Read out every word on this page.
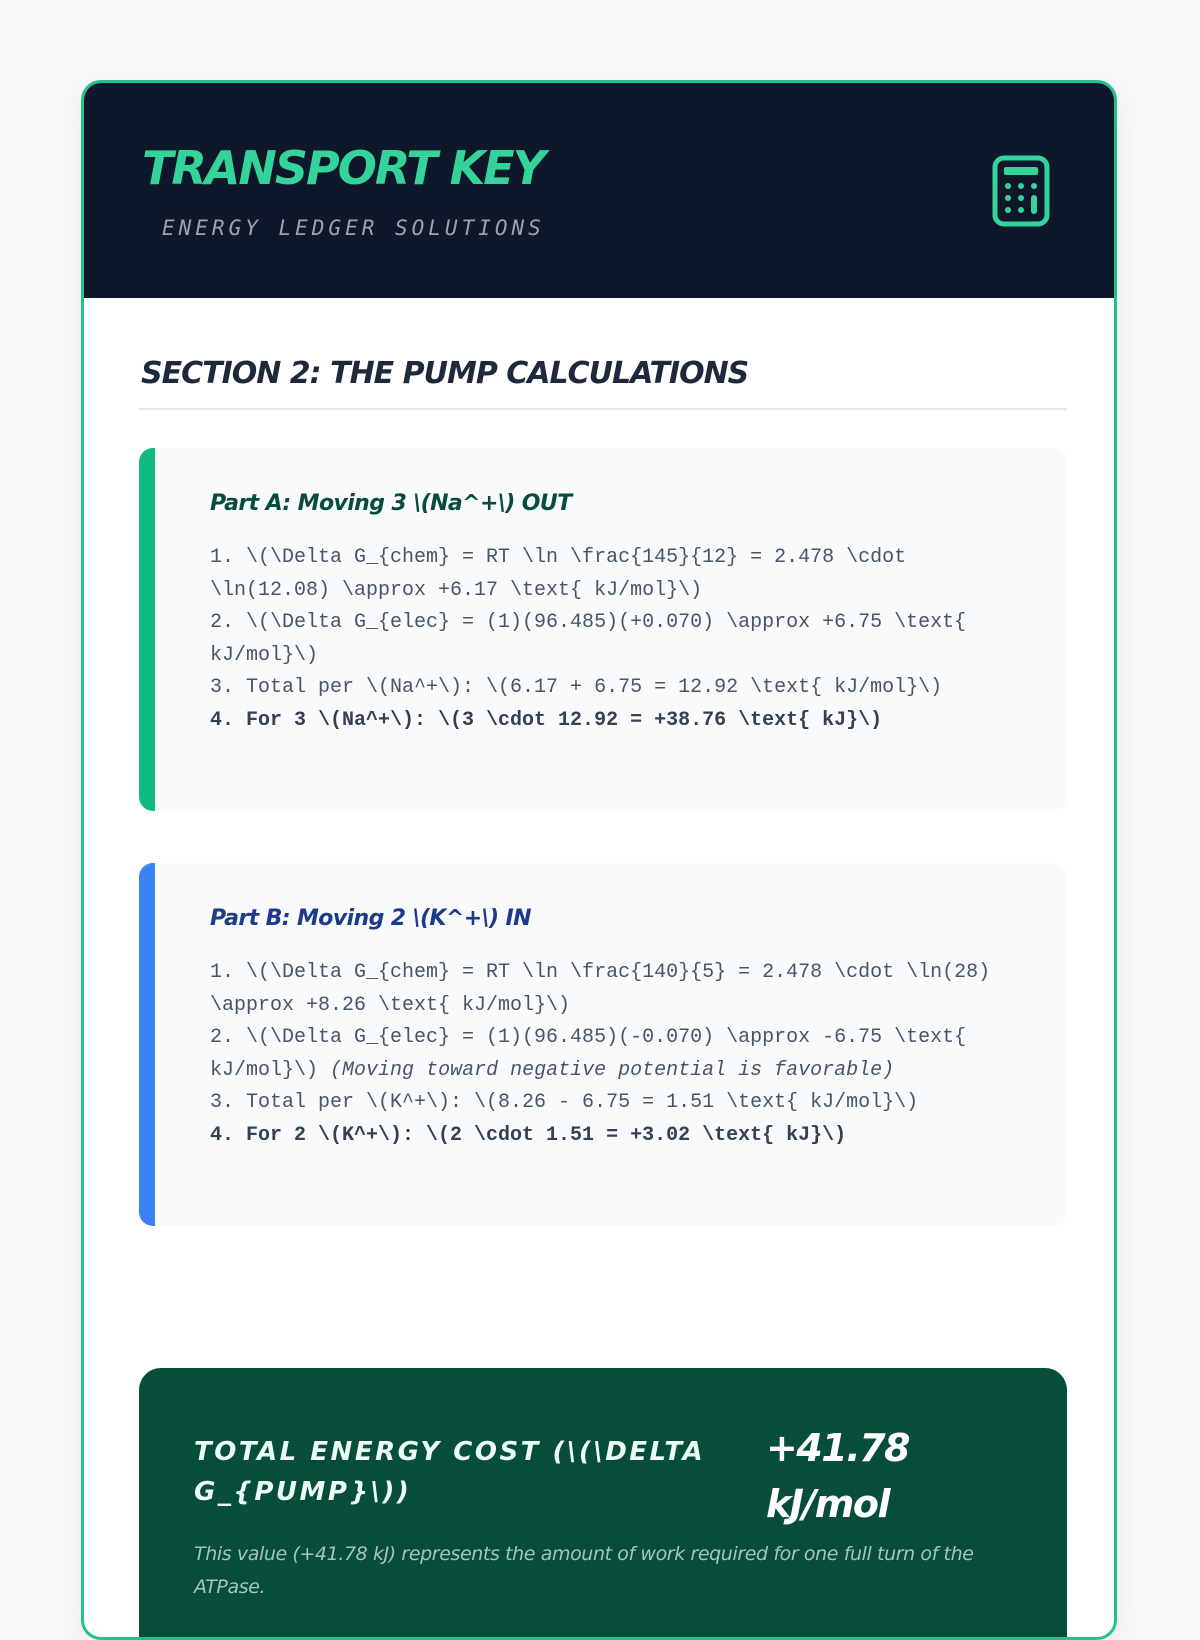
TRANSPORT KEY
ENERGY LEDGER SOLUTIONS
SECTION 2: THE PUMP CALCULATIONS
Part A: Moving 3 \(Na^+\) OUT
1. \(\Delta G_{chem} = RT \ln \frac{145}{12} = 2.478 \cdot \ln(12.08) \approx +6.17 \text{ kJ/mol}\)
2. \(\Delta G_{elec} = (1)(96.485)(+0.070) \approx +6.75 \text{ kJ/mol}\)
3. Total per \(Na^+\): \(6.17 + 6.75 = 12.92 \text{ kJ/mol}\)
4. For 3 \(Na^+\): \(3 \cdot 12.92 = +38.76 \text{ kJ}\)
Part B: Moving 2 \(K^+\) IN
1. \(\Delta G_{chem} = RT \ln \frac{140}{5} = 2.478 \cdot \ln(28) \approx +8.26 \text{ kJ/mol}\)
2. \(\Delta G_{elec} = (1)(96.485)(-0.070) \approx -6.75 \text{ kJ/mol}\) (Moving toward negative potential is favorable)
3. Total per \(K^+\): \(8.26 - 6.75 = 1.51 \text{ kJ/mol}\)
4. For 2 \(K^+\): \(2 \cdot 1.51 = +3.02 \text{ kJ}\)
TOTAL ENERGY COST (\(\DELTA G_{PUMP}\))
+41.78 kJ/mol

This value (+41.78 kJ) represents the amount of work required for one full turn of the ATPase.
